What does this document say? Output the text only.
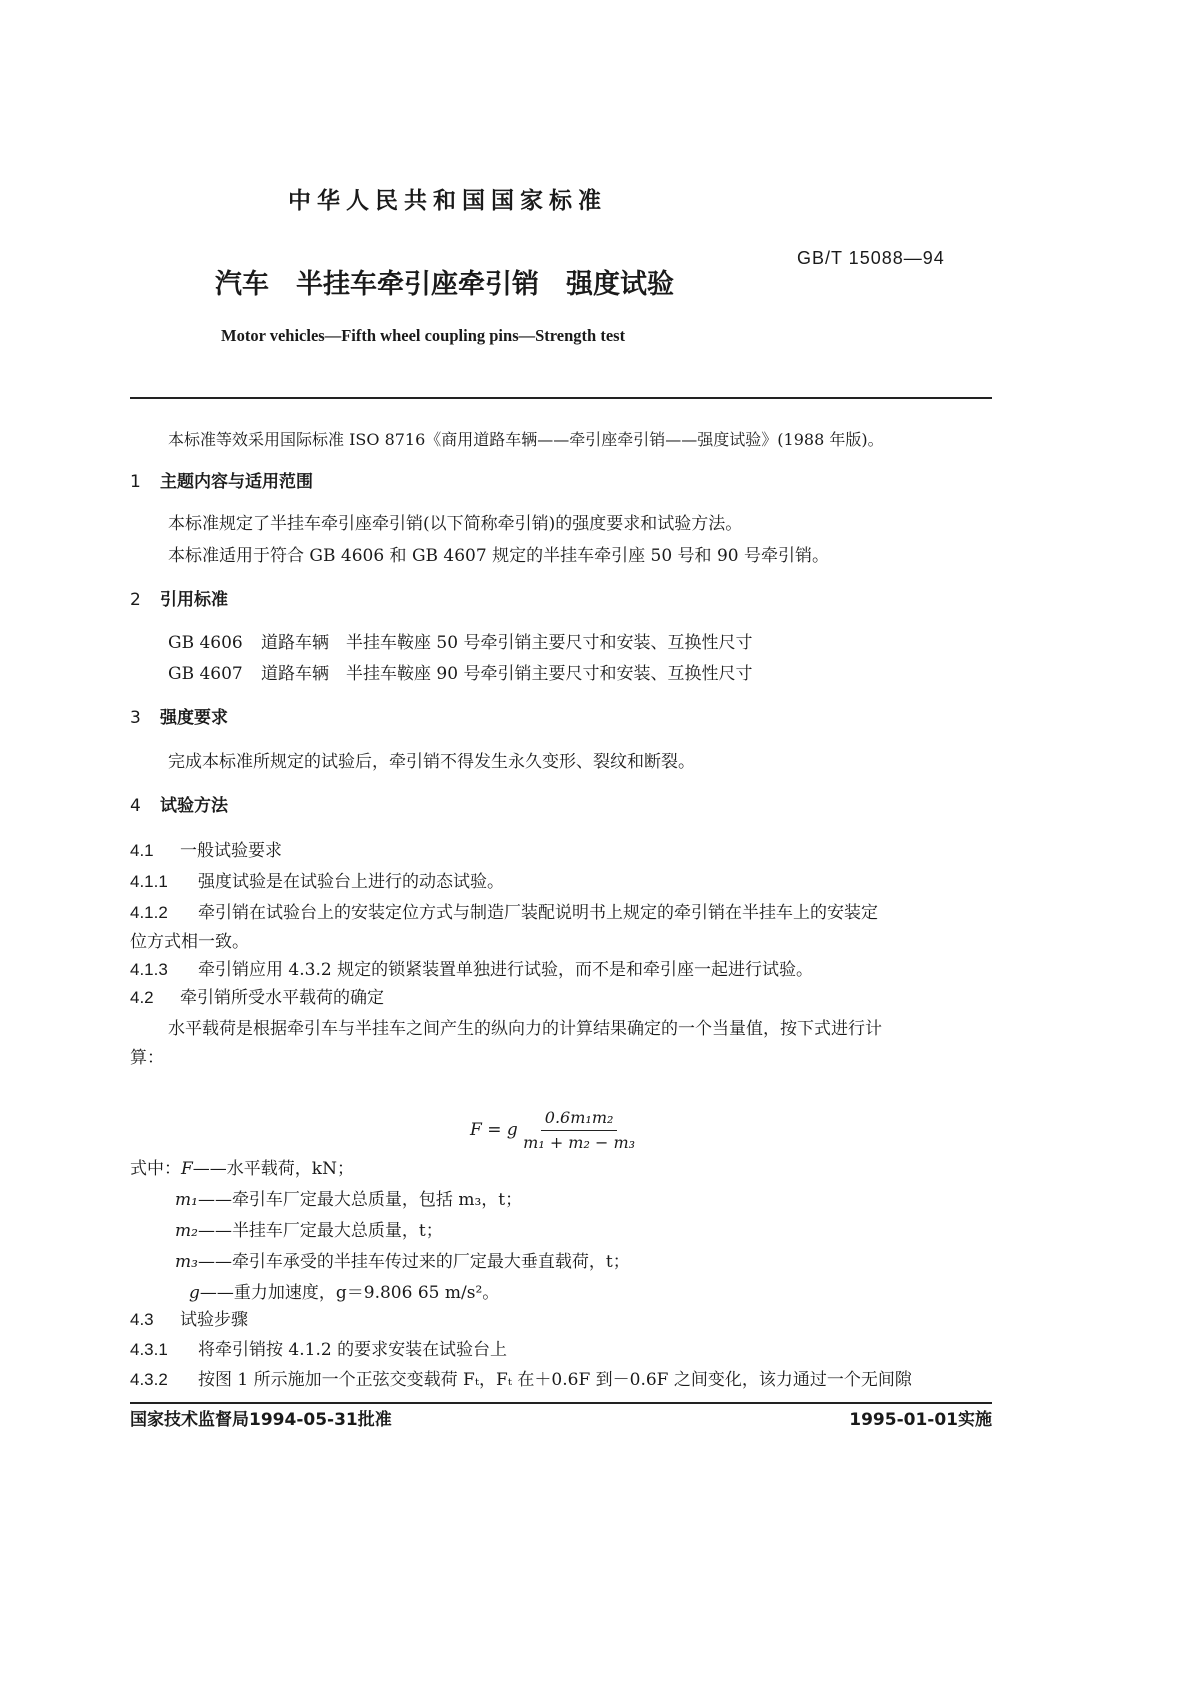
中华人民共和国国家标准
GB/T 15088—94
汽车　半挂车牵引座牵引销　强度试验
Motor vehicles—Fifth wheel coupling pins—Strength test
本标准等效采用国际标准 ISO 8716《商用道路车辆——牵引座牵引销——强度试验》(1988 年版)。
1 主题内容与适用范围
本标准规定了半挂车牵引座牵引销(以下简称牵引销)的强度要求和试验方法。
本标准适用于符合 GB 4606 和 GB 4607 规定的半挂车牵引座 50 号和 90 号牵引销。
2 引用标准
GB 4606 道路车辆　半挂车鞍座 50 号牵引销主要尺寸和安装、互换性尺寸
GB 4607 道路车辆　半挂车鞍座 90 号牵引销主要尺寸和安装、互换性尺寸
3 强度要求
完成本标准所规定的试验后，牵引销不得发生永久变形、裂纹和断裂。
4 试验方法
4.1 一般试验要求
4.1.1 强度试验是在试验台上进行的动态试验。
4.1.2 牵引销在试验台上的安装定位方式与制造厂装配说明书上规定的牵引销在半挂车上的安装定
位方式相一致。
4.1.3 牵引销应用 4.3.2 规定的锁紧装置单独进行试验，而不是和牵引座一起进行试验。
4.2 牵引销所受水平载荷的确定
水平载荷是根据牵引车与半挂车之间产生的纵向力的计算结果确定的一个当量值，按下式进行计
算：
F = g $\frac{\text{0.6m₁m₂}}{\text{m₁ + m₂ − m₃}}$
式中：F——水平载荷，kN；
m₁——牵引车厂定最大总质量，包括 m₃，t；
m₂——半挂车厂定最大总质量，t；
m₃——牵引车承受的半挂车传过来的厂定最大垂直载荷，t；
g——重力加速度，g＝9.806 65 m/s²。
4.3 试验步骤
4.3.1 将牵引销按 4.1.2 的要求安装在试验台上
4.3.2 按图 1 所示施加一个正弦交变载荷 Fₜ，Fₜ 在＋0.6F 到－0.6F 之间变化，该力通过一个无间隙
国家技术监督局1994-05-31批准	1995-01-01实施
